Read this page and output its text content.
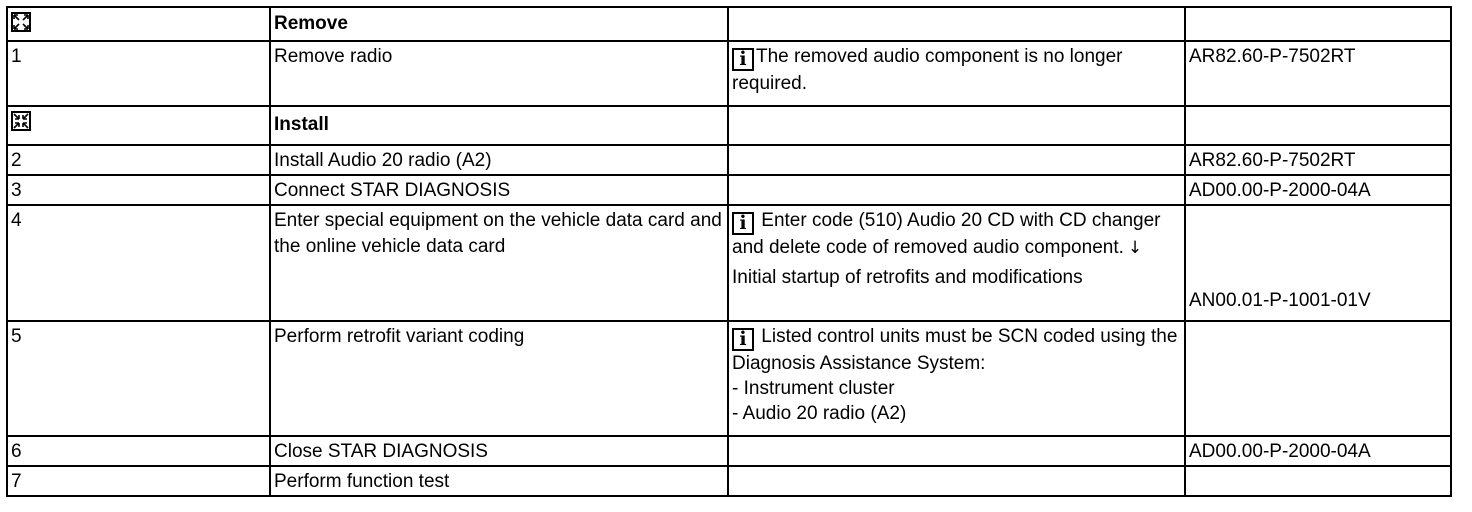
	Remove		
1	Remove radio	i The removed audio component is no longer required.	AR82.60-P-7502RT

	Install		
2	Install Audio 20 radio (A2)		AR82.60-P-7502RT
3	Connect STAR DIAGNOSIS		AD00.00-P-2000-04A
4	Enter special equipment on the vehicle data card and the online vehicle data card	i Enter code (510) Audio 20 CD with CD changer and delete code of removed audio component. ↓
Initial startup of retrofits and modifications	AN00.01-P-1001-01V

5	Perform retrofit variant coding	i Listed control units must be SCN coded using the Diagnosis Assistance System:
- Instrument cluster
- Audio 20 radio (A2)	

6	Close STAR DIAGNOSIS		AD00.00-P-2000-04A
7	Perform function test		
